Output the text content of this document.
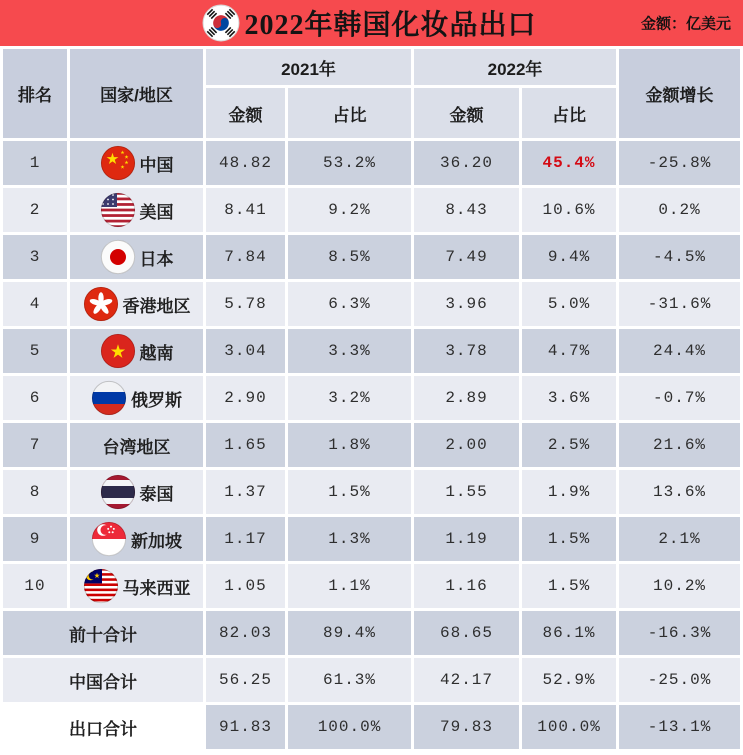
2022年韩国化妆品出口	金额：亿美元
排名	国家/地区	2021年		2022年		金额增长
		金额	占比	金额	占比	
1	中国	48.82	53.2%	36.20	45.4%	-25.8%
2	美国	8.41	9.2%	8.43	10.6%	0.2%
3	日本	7.84	8.5%	7.49	9.4%	-4.5%
4	香港地区	5.78	6.3%	3.96	5.0%	-31.6%
5	越南	3.04	3.3%	3.78	4.7%	24.4%
6	俄罗斯	2.90	3.2%	2.89	3.6%	-0.7%
7	台湾地区	1.65	1.8%	2.00	2.5%	21.6%
8	泰国	1.37	1.5%	1.55	1.9%	13.6%
9	新加坡	1.17	1.3%	1.19	1.5%	2.1%
10	马来西亚	1.05	1.1%	1.16	1.5%	10.2%
前十合计		82.03	89.4%	68.65	86.1%	-16.3%
中国合计		56.25	61.3%	42.17	52.9%	-25.0%
出口合计		91.83	100.0%	79.83	100.0%	-13.1%
